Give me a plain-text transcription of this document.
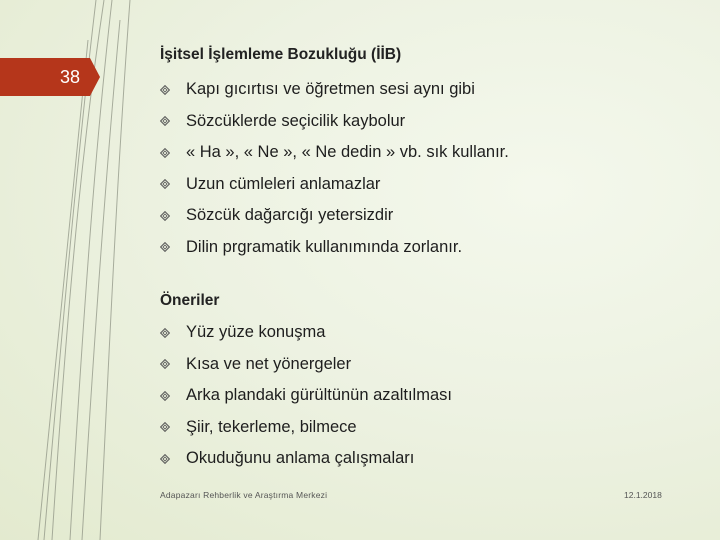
38
İşitsel İşlemleme Bozukluğu (İİB)
Kapı gıcırtısı ve öğretmen sesi aynı gibi
Sözcüklerde seçicilik kaybolur
« Ha », « Ne », « Ne dedin » vb. sık kullanır.
Uzun cümleleri anlamazlar
Sözcük dağarcığı yetersizdir
Dilin prgramatik kullanımında zorlanır.
Öneriler
Yüz yüze konuşma
Kısa ve net yönergeler
Arka plandaki gürültünün azaltılması
Şiir, tekerleme, bilmece
Okuduğunu anlama çalışmaları
Adapazarı Rehberlik ve Araştırma Merkezi	12.1.2018
